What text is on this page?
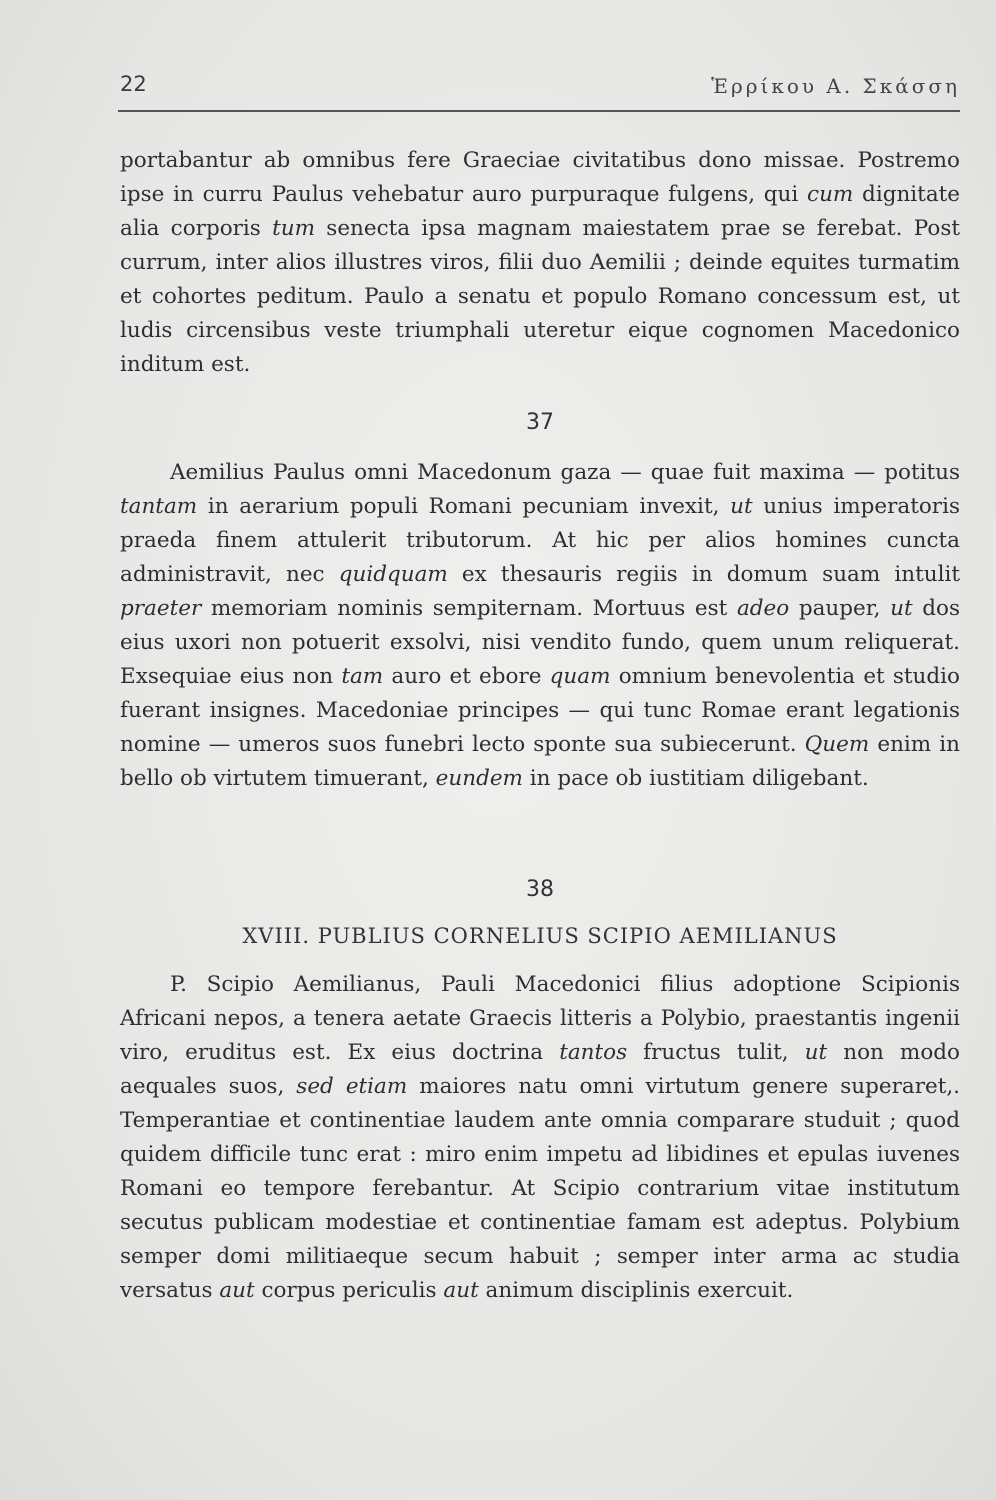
22	Ἑρρίκου Α. Σκάσση

portabantur ab omnibus fere Graeciae civitatibus dono missae. Postremo ipse in curru Paulus vehebatur auro purpuraque fulgens, qui cum dignitate alia corporis tum senecta ipsa magnam maiestatem prae se ferebat. Post currum, inter alios illustres viros, filii duo Aemilii ; deinde equites turmatim et cohortes peditum. Paulo a senatu et populo Romano concessum est, ut ludis circensibus veste triumphali uteretur eique cognomen Macedonico inditum est.

37

Aemilius Paulus omni Macedonum gaza — quae fuit maxima — potitus tantam in aerarium populi Romani pecuniam invexit, ut unius imperatoris praeda finem attulerit tributorum. At hic per alios homines cuncta administravit, nec quidquam ex thesauris regiis in domum suam intulit praeter memoriam nominis sempiternam. Mortuus est adeo pauper, ut dos eius uxori non potuerit exsolvi, nisi vendito fundo, quem unum reliquerat. Exsequiae eius non tam auro et ebore quam omnium benevolentia et studio fuerant insignes. Macedoniae principes — qui tunc Romae erant legationis nomine — umeros suos funebri lecto sponte sua subiecerunt. Quem enim in bello ob virtutem timuerant, eundem in pace ob iustitiam diligebant.

38
XVIII. PUBLIUS CORNELIUS SCIPIO AEMILIANUS

P. Scipio Aemilianus, Pauli Macedonici filius adoptione Scipionis Africani nepos, a tenera aetate Graecis litteris a Polybio, praestantis ingenii viro, eruditus est. Ex eius doctrina tantos fructus tulit, ut non modo aequales suos, sed etiam maiores natu omni virtutum genere superaret,. Temperantiae et continentiae laudem ante omnia comparare studuit ; quod quidem difficile tunc erat : miro enim impetu ad libidines et epulas iuvenes Romani eo tempore ferebantur. At Scipio contrarium vitae institutum secutus publicam modestiae et continentiae famam est adeptus. Polybium semper domi militiaeque secum habuit ; semper inter arma ac studia versatus aut corpus periculis aut animum disciplinis exercuit.
